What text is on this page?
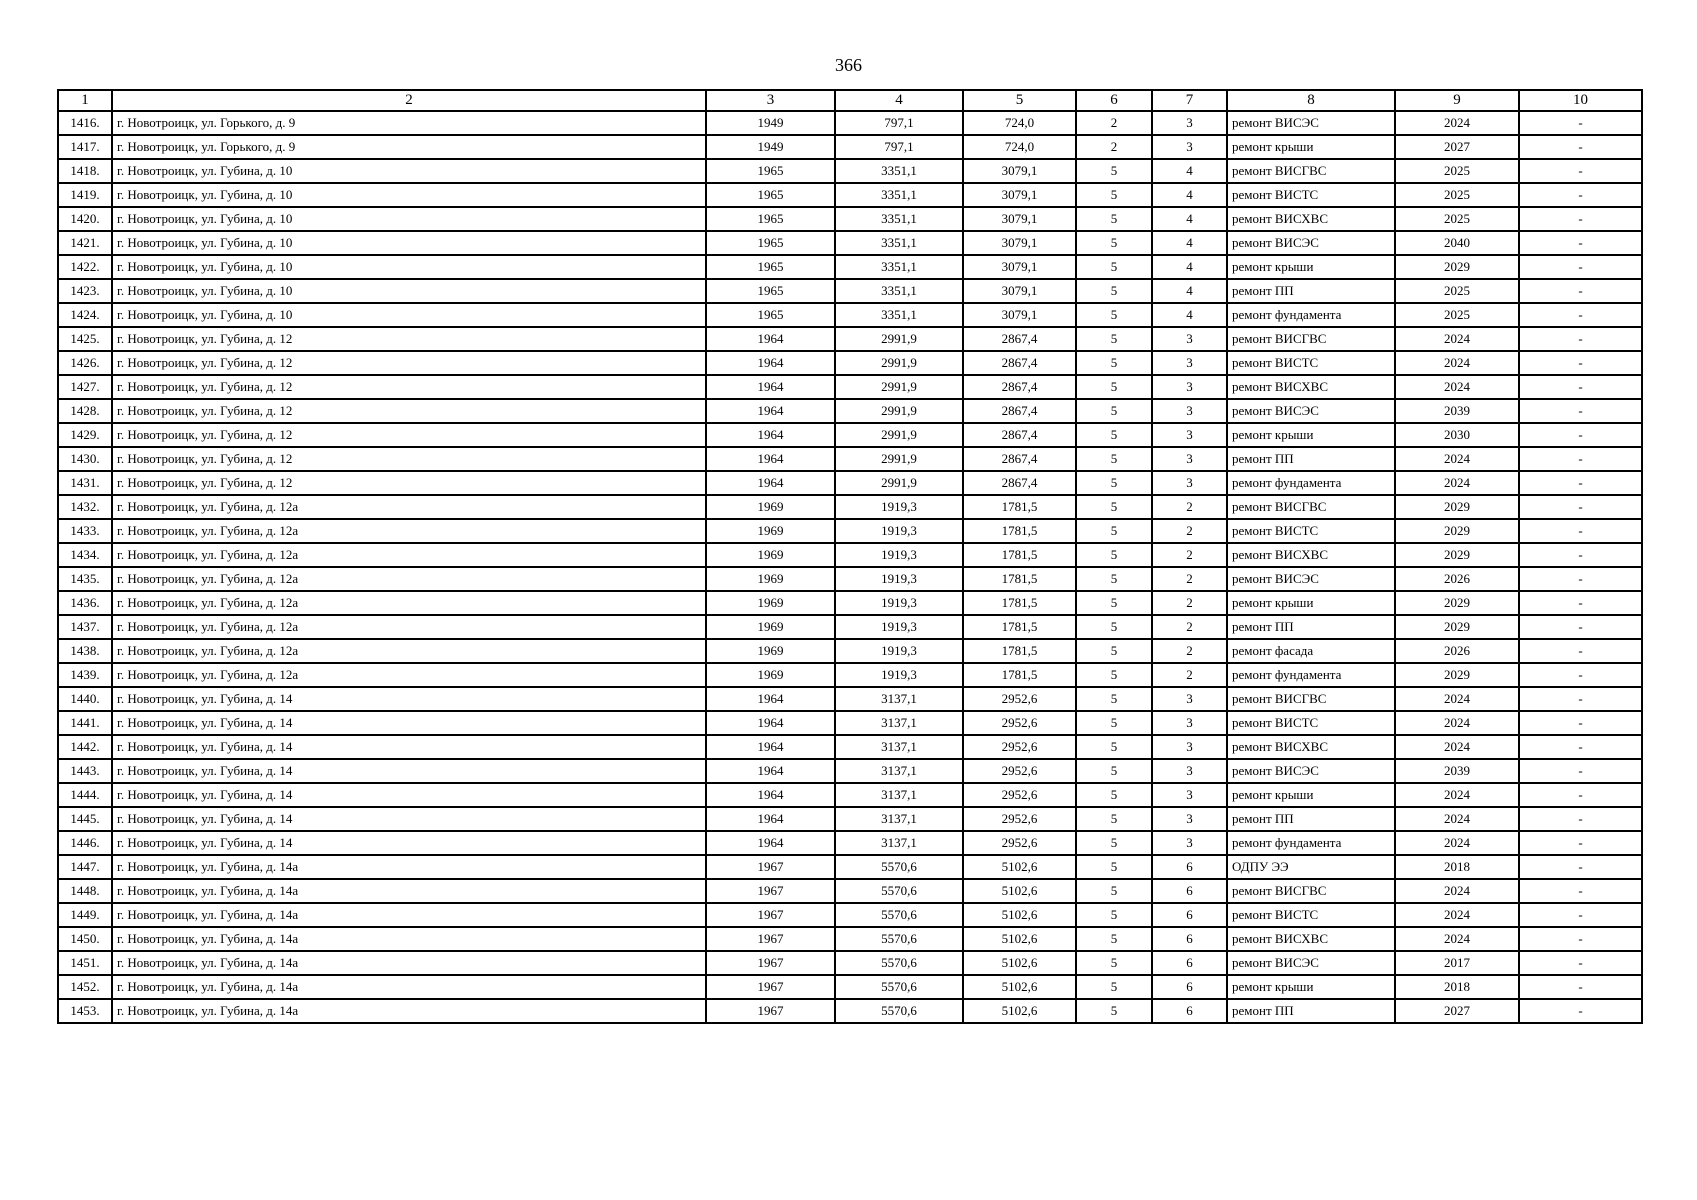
366
1	2	3	4	5	6	7	8	9	10
1416.	г. Новотроицк, ул. Горького, д. 9	1949	797,1	724,0	2	3	ремонт ВИСЭС	2024	-
1417.	г. Новотроицк, ул. Горького, д. 9	1949	797,1	724,0	2	3	ремонт крыши	2027	-
1418.	г. Новотроицк, ул. Губина, д. 10	1965	3351,1	3079,1	5	4	ремонт ВИСГВС	2025	-
1419.	г. Новотроицк, ул. Губина, д. 10	1965	3351,1	3079,1	5	4	ремонт ВИСТС	2025	-
1420.	г. Новотроицк, ул. Губина, д. 10	1965	3351,1	3079,1	5	4	ремонт ВИСХВС	2025	-
1421.	г. Новотроицк, ул. Губина, д. 10	1965	3351,1	3079,1	5	4	ремонт ВИСЭС	2040	-
1422.	г. Новотроицк, ул. Губина, д. 10	1965	3351,1	3079,1	5	4	ремонт крыши	2029	-
1423.	г. Новотроицк, ул. Губина, д. 10	1965	3351,1	3079,1	5	4	ремонт ПП	2025	-
1424.	г. Новотроицк, ул. Губина, д. 10	1965	3351,1	3079,1	5	4	ремонт фундамента	2025	-
1425.	г. Новотроицк, ул. Губина, д. 12	1964	2991,9	2867,4	5	3	ремонт ВИСГВС	2024	-
1426.	г. Новотроицк, ул. Губина, д. 12	1964	2991,9	2867,4	5	3	ремонт ВИСТС	2024	-
1427.	г. Новотроицк, ул. Губина, д. 12	1964	2991,9	2867,4	5	3	ремонт ВИСХВС	2024	-
1428.	г. Новотроицк, ул. Губина, д. 12	1964	2991,9	2867,4	5	3	ремонт ВИСЭС	2039	-
1429.	г. Новотроицк, ул. Губина, д. 12	1964	2991,9	2867,4	5	3	ремонт крыши	2030	-
1430.	г. Новотроицк, ул. Губина, д. 12	1964	2991,9	2867,4	5	3	ремонт ПП	2024	-
1431.	г. Новотроицк, ул. Губина, д. 12	1964	2991,9	2867,4	5	3	ремонт фундамента	2024	-
1432.	г. Новотроицк, ул. Губина, д. 12а	1969	1919,3	1781,5	5	2	ремонт ВИСГВС	2029	-
1433.	г. Новотроицк, ул. Губина, д. 12а	1969	1919,3	1781,5	5	2	ремонт ВИСТС	2029	-
1434.	г. Новотроицк, ул. Губина, д. 12а	1969	1919,3	1781,5	5	2	ремонт ВИСХВС	2029	-
1435.	г. Новотроицк, ул. Губина, д. 12а	1969	1919,3	1781,5	5	2	ремонт ВИСЭС	2026	-
1436.	г. Новотроицк, ул. Губина, д. 12а	1969	1919,3	1781,5	5	2	ремонт крыши	2029	-
1437.	г. Новотроицк, ул. Губина, д. 12а	1969	1919,3	1781,5	5	2	ремонт ПП	2029	-
1438.	г. Новотроицк, ул. Губина, д. 12а	1969	1919,3	1781,5	5	2	ремонт фасада	2026	-
1439.	г. Новотроицк, ул. Губина, д. 12а	1969	1919,3	1781,5	5	2	ремонт фундамента	2029	-
1440.	г. Новотроицк, ул. Губина, д. 14	1964	3137,1	2952,6	5	3	ремонт ВИСГВС	2024	-
1441.	г. Новотроицк, ул. Губина, д. 14	1964	3137,1	2952,6	5	3	ремонт ВИСТС	2024	-
1442.	г. Новотроицк, ул. Губина, д. 14	1964	3137,1	2952,6	5	3	ремонт ВИСХВС	2024	-
1443.	г. Новотроицк, ул. Губина, д. 14	1964	3137,1	2952,6	5	3	ремонт ВИСЭС	2039	-
1444.	г. Новотроицк, ул. Губина, д. 14	1964	3137,1	2952,6	5	3	ремонт крыши	2024	-
1445.	г. Новотроицк, ул. Губина, д. 14	1964	3137,1	2952,6	5	3	ремонт ПП	2024	-
1446.	г. Новотроицк, ул. Губина, д. 14	1964	3137,1	2952,6	5	3	ремонт фундамента	2024	-
1447.	г. Новотроицк, ул. Губина, д. 14а	1967	5570,6	5102,6	5	6	ОДПУ ЭЭ	2018	-
1448.	г. Новотроицк, ул. Губина, д. 14а	1967	5570,6	5102,6	5	6	ремонт ВИСГВС	2024	-
1449.	г. Новотроицк, ул. Губина, д. 14а	1967	5570,6	5102,6	5	6	ремонт ВИСТС	2024	-
1450.	г. Новотроицк, ул. Губина, д. 14а	1967	5570,6	5102,6	5	6	ремонт ВИСХВС	2024	-
1451.	г. Новотроицк, ул. Губина, д. 14а	1967	5570,6	5102,6	5	6	ремонт ВИСЭС	2017	-
1452.	г. Новотроицк, ул. Губина, д. 14а	1967	5570,6	5102,6	5	6	ремонт крыши	2018	-
1453.	г. Новотроицк, ул. Губина, д. 14а	1967	5570,6	5102,6	5	6	ремонт ПП	2027	-
